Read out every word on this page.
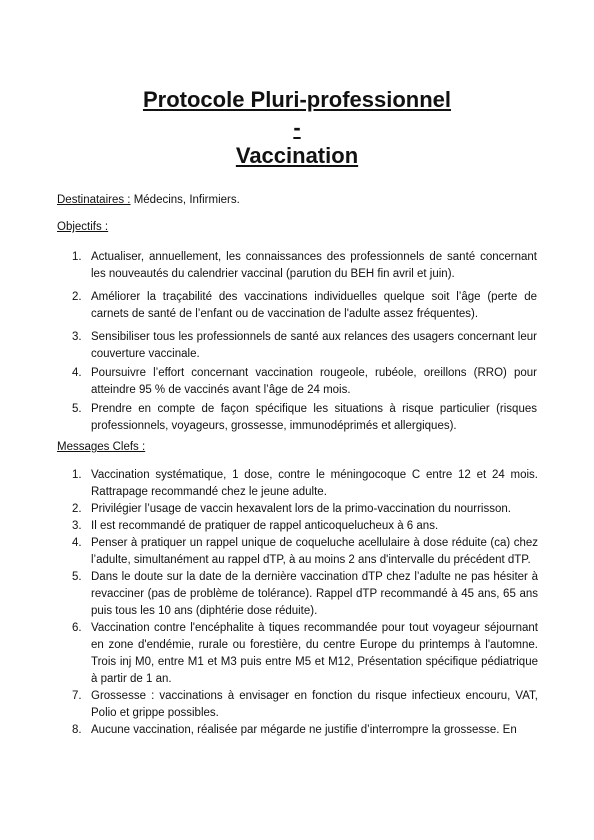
Protocole Pluri-professionnel
-
Vaccination
Destinataires : Médecins, Infirmiers.
Objectifs :
1. Actualiser, annuellement, les connaissances des professionnels de santé concernant les nouveautés du calendrier vaccinal (parution du BEH fin avril et juin).
2. Améliorer la traçabilité des vaccinations individuelles quelque soit l’âge (perte de carnets de santé de l’enfant ou de vaccination de l'adulte assez fréquentes).
3. Sensibiliser tous les professionnels de santé aux relances des usagers concernant leur couverture vaccinale.
4. Poursuivre l’effort concernant vaccination rougeole, rubéole, oreillons (RRO) pour atteindre 95 % de vaccinés avant l’âge de 24 mois.
5. Prendre en compte de façon spécifique les situations à risque particulier (risques professionnels, voyageurs, grossesse, immunodéprimés et allergiques).
Messages Clefs :
1. Vaccination systématique, 1 dose, contre le méningocoque C entre 12 et 24 mois. Rattrapage recommandé chez le jeune adulte.
2. Privilégier l’usage de vaccin hexavalent lors de la primo-vaccination du nourrisson.
3. Il est recommandé de pratiquer de rappel anticoquelucheux à 6 ans.
4. Penser à pratiquer un rappel unique de coqueluche acellulaire à dose réduite (ca) chez l’adulte, simultanément au rappel dTP, à au moins 2 ans d'intervalle du précédent dTP.
5. Dans le doute sur la date de la dernière vaccination dTP chez l’adulte ne pas hésiter à revacciner (pas de problème de tolérance). Rappel dTP recommandé à 45 ans, 65 ans puis tous les 10 ans (diphtérie dose réduite).
6. Vaccination contre l'encéphalite à tiques recommandée pour tout voyageur séjournant en zone d'endémie, rurale ou forestière, du centre Europe du printemps à l'automne. Trois inj M0, entre M1 et M3 puis entre M5 et M12, Présentation spécifique pédiatrique à partir de 1 an.
7. Grossesse : vaccinations à envisager en fonction du risque infectieux encouru, VAT, Polio et grippe possibles.
8. Aucune vaccination, réalisée par mégarde ne justifie d’interrompre la grossesse. En
